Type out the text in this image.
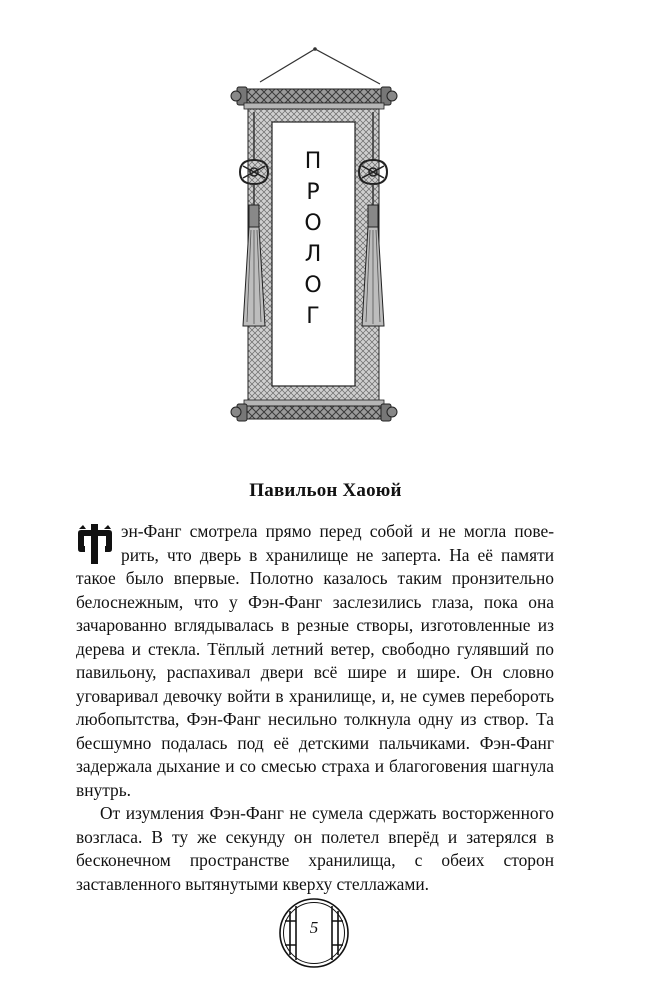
П
Р
О
Л
О
Г
Павильон Хаоюй

эн-Фанг смотрела прямо перед собой и не могла поверить, что дверь в хранилище не заперта. На её памяти такое было впервые. Полотно казалось таким пронзительно белоснежным, что у Фэн-Фанг заслезились глаза, пока она зачарованно вглядывалась в резные створы, изготовленные из дерева и стекла. Тёплый летний ветер, свободно гулявший по павильону, распахивал двери всё шире и шире. Он словно уговаривал девочку войти в хранилище, и, не сумев перебороть любопытства, Фэн-Фанг несильно толкнула одну из створ. Та бесшумно подалась под её детскими пальчиками. Фэн-Фанг задержала дыхание и со смесью страха и благоговения шагнула внутрь.

От изумления Фэн-Фанг не сумела сдержать восторженного возгласа. В ту же секунду он полетел вперёд и затерялся в бесконечном пространстве хранилища, с обеих сторон заставленного вытянутыми кверху стеллажами.

5
